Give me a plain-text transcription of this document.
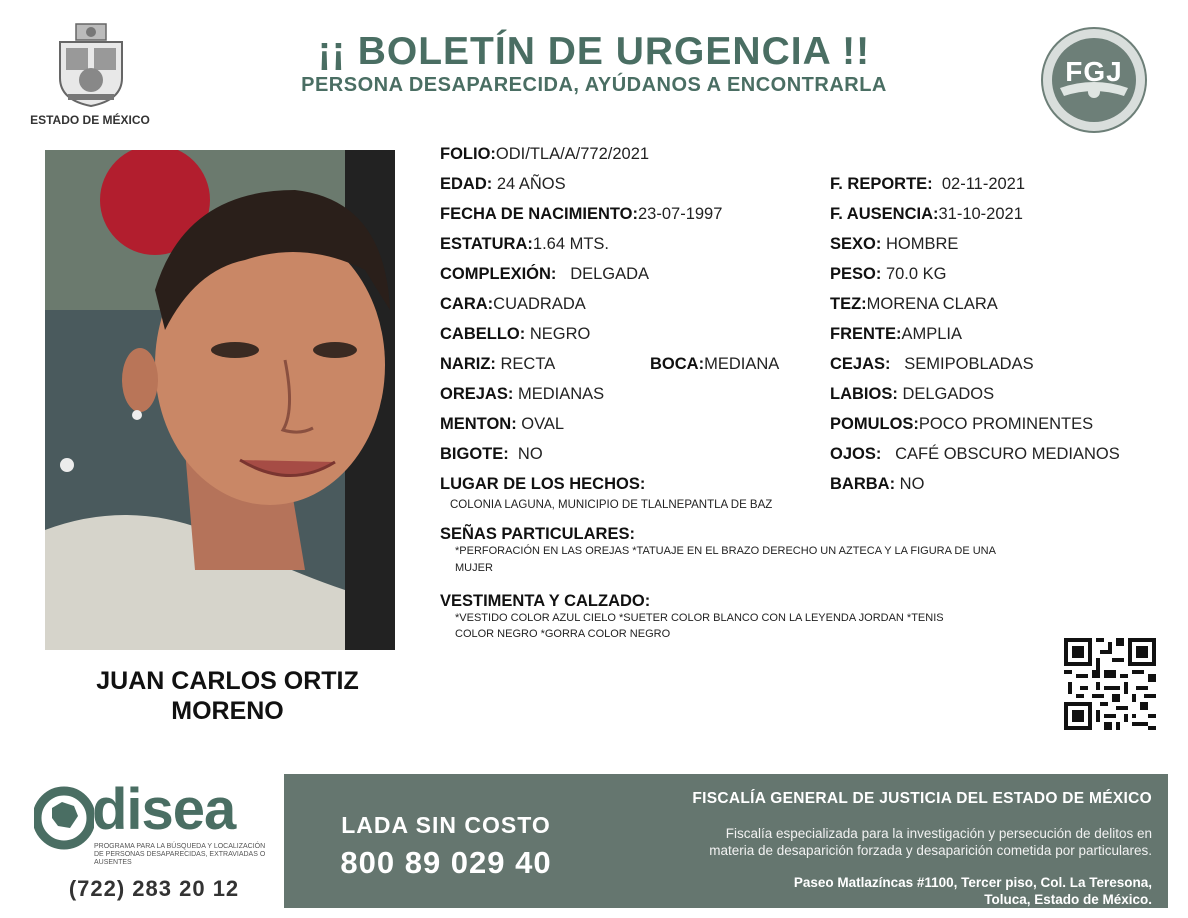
ESTADO DE MÉXICO
¡¡ BOLETÍN DE URGENCIA !!
PERSONA DESAPARECIDA, AYÚDANOS A ENCONTRARLA	FGJ
JUAN CARLOS ORTIZ
MORENO
FOLIO:ODI/TLA/A/772/2021
EDAD: 24 AÑOS
FECHA DE NACIMIENTO:23-07-1997
ESTATURA:1.64 MTS.
COMPLEXIÓN: DELGADA
CARA:CUADRADA
CABELLO: NEGRO
NARIZ: RECTA	BOCA:MEDIANA
OREJAS: MEDIANAS
MENTON: OVAL
BIGOTE: NO
LUGAR DE LOS HECHOS:
COLONIA LAGUNA, MUNICIPIO DE TLALNEPANTLA DE BAZ
F. REPORTE: 02-11-2021
F. AUSENCIA:31-10-2021
SEXO: HOMBRE
PESO: 70.0 KG
TEZ:MORENA CLARA
FRENTE:AMPLIA
CEJAS: SEMIPOBLADAS
LABIOS: DELGADOS
POMULOS:POCO PROMINENTES
OJOS: CAFÉ OBSCURO MEDIANOS
BARBA: NO
SEÑAS PARTICULARES:
*PERFORACIÓN EN LAS OREJAS *TATUAJE EN EL BRAZO DERECHO UN AZTECA Y LA FIGURA DE UNA
MUJER
VESTIMENTA Y CALZADO:
*VESTIDO COLOR AZUL CIELO *SUETER COLOR BLANCO CON LA LEYENDA JORDAN *TENIS
COLOR NEGRO *GORRA COLOR NEGRO
disea
PROGRAMA PARA LA BÚSQUEDA Y LOCALIZACIÓN DE PERSONAS DESAPARECIDAS, EXTRAVIADAS O AUSENTES
(722) 283 20 12
LADA SIN COSTO
800 89 029 40
FISCALÍA GENERAL DE JUSTICIA DEL ESTADO DE MÉXICO
Fiscalía especializada para la investigación y persecución de delitos en
materia de desaparición forzada y desaparición cometida por particulares.
Paseo Matlazíncas #1100, Tercer piso, Col. La Teresona,
Toluca, Estado de México.
